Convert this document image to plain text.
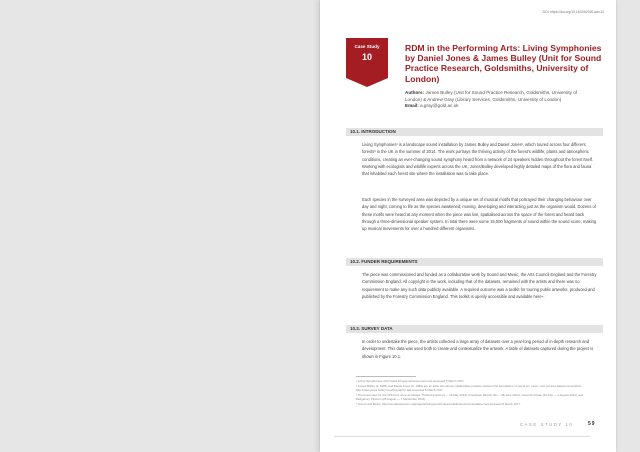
DOI: https://doi.org/10.1402/b2020.aan.11
Case Study
10
RDM in the Performing Arts: Living Symphonies by Daniel Jones & James Bulley (Unit for Sound Practice Research, Goldsmiths, University of London)
Authors: James Bulley (Unit for Sound Practice Research, Goldsmiths, University of London) & Andrew Gray (Library Services, Goldsmiths, University of London)
Email: a.gray@gold.ac.uk
10.1. INTRODUCTION

Living Symphonies¹ is a landscape sound installation by James Bulley and Daniel Jones², which toured across four different forests³ in the UK in the summer of 2014. The work portrays the thriving activity of the forest's wildlife, plants and atmospheric conditions, creating an ever-changing sound symphony heard from a network of 24 speakers hidden throughout the forest itself. Working with ecologists and wildlife experts across the UK, Jones/Bulley developed highly detailed maps of the flora and fauna that inhabited each forest site where the installation was to take place.

Each species in the surveyed area was depicted by a unique set of musical motifs that portrayed their changing behaviour over day and night, coming to life as the species awakened; moving, developing and interacting just as the organism would. Dozens of these motifs were heard at any moment when the piece was live, spatialised across the space of the forest and heard back through a three-dimensional speaker system. In total there were some 15,000 fragments of sound within the sound score, making up musical movements for over a hundred different organisms.

10.2. FUNDER REQUIREMENTS

The piece was commissioned and funded as a collaborative work by Sound and Music, the Arts Council England and the Forestry Commission England. All copyright in the work, including that of the datasets, remained with the artists and there was no requirement to make any such data publicly available. A required outcome was a toolkit for touring public artworks, produced and published by the Forestry Commission England. This toolkit is openly accessible and available here⁴.

10.3. SURVEY DATA

In order to undertake the piece, the artists collected a large array of datasets over a year-long period of in-depth research and development. This data was used both to create and contextualize the artwork. A table of datasets captured during the project is shown in Figure 10.1.

¹ Living Symphonies: http://www.livingsymphonies.com/ last accessed 5 March 2017.
² James Bulley (b. 1984) and Daniel Jones (b. 1983) are an artist duo whose collaborative practice explores the boundaries of sound art, music, and process-based composition: http://www.jones-bulley.com/biography/ last accessed 5 March 2017.
³ The forest sites for the 2014 tour were as follows: Thetford Forest (3 — 26 May 2014); Fineshade Woods (30 — 28 June 2014); Cannock Chase (24 July — 1 August 2014); and Bedgebury Pinetum (26 August — 7 September 2014).
⁴ Sound and Music: http://soundandmusic.org/projects/livingsymphonies/toolkitforenvironmentalsite/ last accessed 5 March 2017.
CASE STUDY 10	59
